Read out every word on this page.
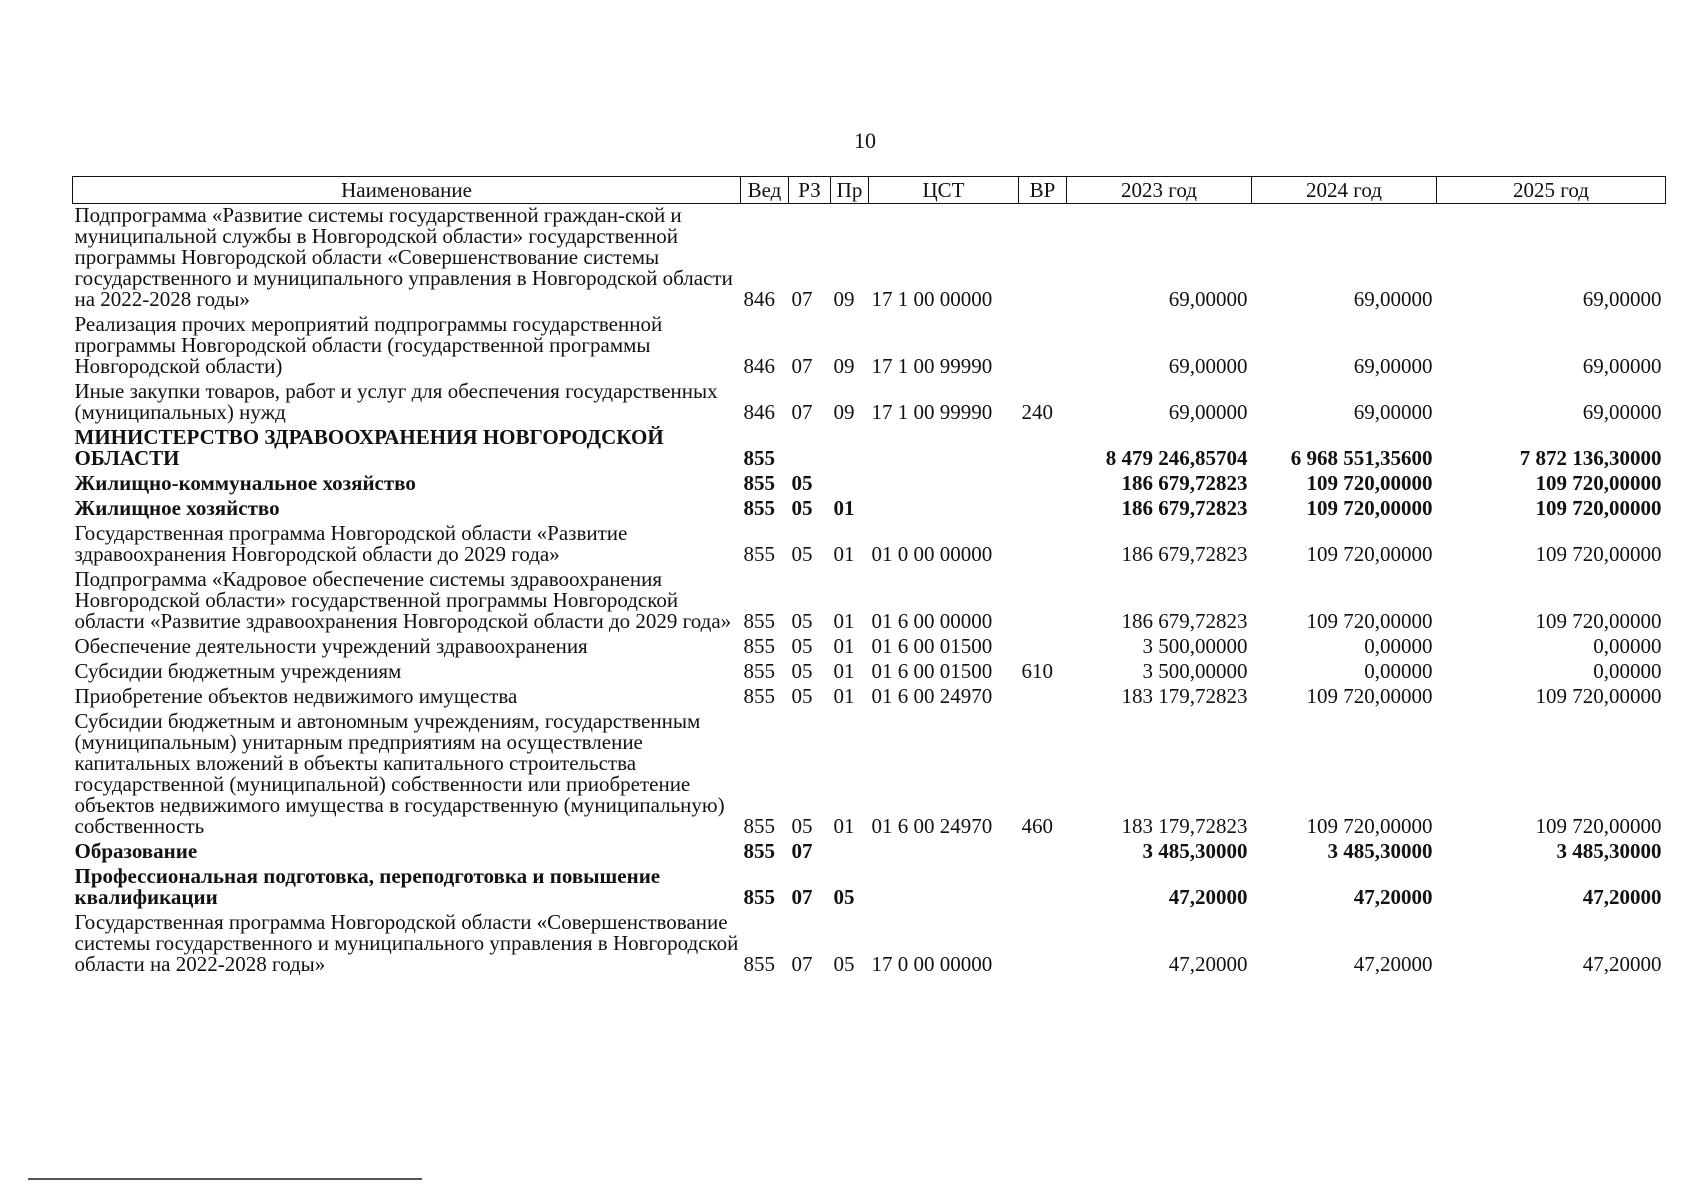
10
Наименование	Вед	РЗ	Пр	ЦСТ	ВР	2023 год	2024 год	2025 год
Подпрограмма «Развитие системы государственной граждан-ской и муниципальной службы в Новгородской области» государственной программы Новгородской области «Совершенствование системы государственного и муниципального управления в Новгородской области на 2022-2028 годы»	846	07	09	17 1 00 00000		69,00000	69,00000	69,00000
Реализация прочих мероприятий подпрограммы государственной программы Новгородской области (государственной программы Новгородской области)	846	07	09	17 1 00 99990		69,00000	69,00000	69,00000
Иные закупки товаров, работ и услуг для обеспечения государственных (муниципальных) нужд	846	07	09	17 1 00 99990	240	69,00000	69,00000	69,00000
МИНИСТЕРСТВО ЗДРАВООХРАНЕНИЯ НОВГОРОДСКОЙ ОБЛАСТИ	855					8 479 246,85704	6 968 551,35600	7 872 136,30000
Жилищно-коммунальное хозяйство	855	05				186 679,72823	109 720,00000	109 720,00000
Жилищное хозяйство	855	05	01			186 679,72823	109 720,00000	109 720,00000
Государственная программа Новгородской области «Развитие здравоохранения Новгородской области до 2029 года»	855	05	01	01 0 00 00000		186 679,72823	109 720,00000	109 720,00000
Подпрограмма «Кадровое обеспечение системы здравоохранения Новгородской области» государственной программы Новгородской области «Развитие здравоохранения Новгородской области до 2029 года»	855	05	01	01 6 00 00000		186 679,72823	109 720,00000	109 720,00000
Обеспечение деятельности учреждений здравоохранения	855	05	01	01 6 00 01500		3 500,00000	0,00000	0,00000
Субсидии бюджетным учреждениям	855	05	01	01 6 00 01500	610	3 500,00000	0,00000	0,00000
Приобретение объектов недвижимого имущества	855	05	01	01 6 00 24970		183 179,72823	109 720,00000	109 720,00000
Субсидии бюджетным и автономным учреждениям, государственным (муниципальным) унитарным предприятиям на осуществление капитальных вложений в объекты капитального строительства государственной (муниципальной) собственности или приобретение объектов недвижимого имущества в государственную (муниципальную) собственность	855	05	01	01 6 00 24970	460	183 179,72823	109 720,00000	109 720,00000
Образование	855	07				3 485,30000	3 485,30000	3 485,30000
Профессиональная подготовка, переподготовка и повышение квалификации	855	07	05			47,20000	47,20000	47,20000
Государственная программа Новгородской области «Совершенствование системы государственного и муниципального управления в Новгородской области на 2022-2028 годы»	855	07	05	17 0 00 00000		47,20000	47,20000	47,20000
